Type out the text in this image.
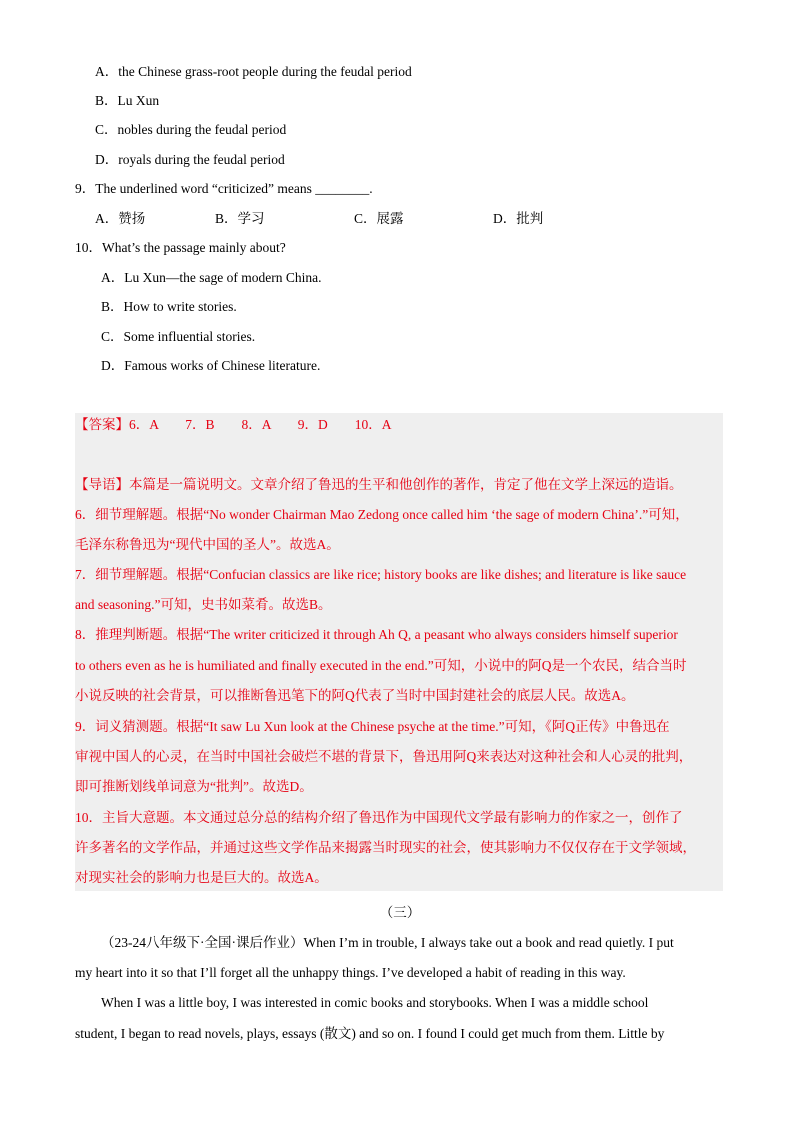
A．the Chinese grass-root people during the feudal period
B．Lu Xun
C．nobles during the feudal period
D．royals during the feudal period
9．The underlined word “criticized” means ________.
A．赞扬	B．学习	C．展露	D．批判
10．What’s the passage mainly about?
A．Lu Xun—the sage of modern China.
B．How to write stories.
C．Some influential stories.
D．Famous works of Chinese literature.
【答案】6．A　　7．B　　8．A　　9．D　　10．A
【导语】本篇是一篇说明文。文章介绍了鲁迅的生平和他创作的著作，肯定了他在文学上深远的造诣。
6．细节理解题。根据“No wonder Chairman Mao Zedong once called him ‘the sage of modern China’.”可知，
毛泽东称鲁迅为“现代中国的圣人”。故选A。
7．细节理解题。根据“Confucian classics are like rice; history books are like dishes; and literature is like sauce
and seasoning.”可知，史书如菜肴。故选B。
8．推理判断题。根据“The writer criticized it through Ah Q, a peasant who always considers himself superior
to others even as he is humiliated and finally executed in the end.”可知，小说中的阿Q是一个农民，结合当时
小说反映的社会背景，可以推断鲁迅笔下的阿Q代表了当时中国封建社会的底层人民。故选A。
9．词义猜测题。根据“It saw Lu Xun look at the Chinese psyche at the time.”可知，《阿Q正传》中鲁迅在
审视中国人的心灵，在当时中国社会破烂不堪的背景下，鲁迅用阿Q来表达对这种社会和人心灵的批判，
即可推断划线单词意为“批判”。故选D。
10．主旨大意题。本文通过总分总的结构介绍了鲁迅作为中国现代文学最有影响力的作家之一，创作了
许多著名的文学作品，并通过这些文学作品来揭露当时现实的社会，使其影响力不仅仅存在于文学领域，
对现实社会的影响力也是巨大的。故选A。
（三）
（23-24八年级下·全国·课后作业）When I’m in trouble, I always take out a book and read quietly. I put
my heart into it so that I’ll forget all the unhappy things. I’ve developed a habit of reading in this way.
When I was a little boy, I was interested in comic books and storybooks. When I was a middle school
student, I began to read novels, plays, essays (散文) and so on. I found I could get much from them. Little by
